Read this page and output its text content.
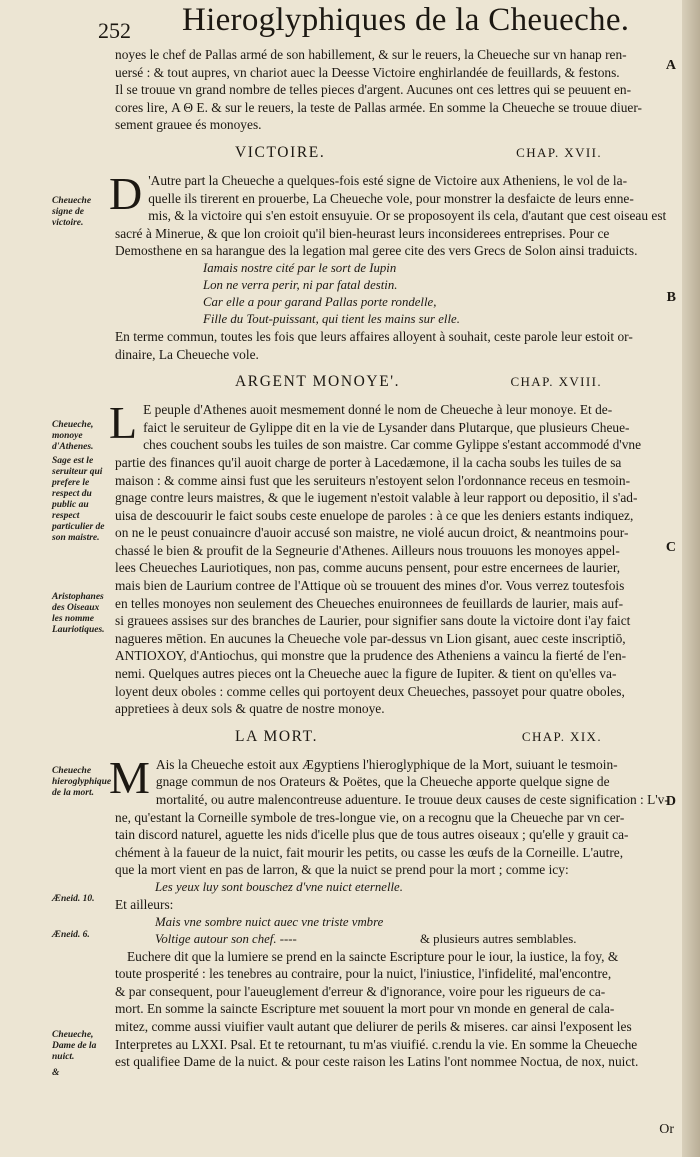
252 Hieroglyphiques de la Cheueche.
Cheueche signe de victoire.
Cheueche, monoye d'Athenes.
Sage est le seruiteur qui prefere le respect du public au respect particulier de son maistre.
Aristophanes des Oiseaux les nomme Lauriotiques.
Cheueche hieroglyphique de la mort.
Æneid. 10.
Æneid. 6.
Cheueche, Dame de la nuict.
&
A
B
C
D
Or

noyes le chef de Pallas armé de son habillement, & sur le reuers, la Cheueche sur vn hanap ren-

uersé : & tout aupres, vn chariot auec la Deesse Victoire enghirlandée de feuillards, & festons.

Il se trouue vn grand nombre de telles pieces d'argent. Aucunes ont ces lettres qui se peuuent en-

cores lire, Α Θ Ε. & sur le reuers, la teste de Pallas armée. En somme la Cheueche se trouue diuer-

sement grauee és monoyes.

VICTOIRE.	CHAP. XVII.
D 'Autre part la Cheueche a quelques-fois esté signe de Victoire aux Atheniens, le vol de la-

quelle ils tirerent en prouerbe, La Cheueche vole, pour monstrer la desfaicte de leurs enne-

mis, & la victoire qui s'en estoit ensuyuie. Or se proposoyent ils cela, d'autant que cest oiseau est

sacré à Minerue, & que lon croioit qu'il bien-heurast leurs inconsiderees entreprises. Pour ce

Demosthene en sa harangue des la legation mal geree cite des vers Grecs de Solon ainsi traduicts.

Iamais nostre cité par le sort de Iupin

Lon ne verra perir, ni par fatal destin.

Car elle a pour garand Pallas porte rondelle,

Fille du Tout-puissant, qui tient les mains sur elle.

En terme commun, toutes les fois que leurs affaires alloyent à souhait, ceste parole leur estoit or-

dinaire, La Cheueche vole.

ARGENT MONOYE'.	CHAP. XVIII.
L E peuple d'Athenes auoit mesmement donné le nom de Cheueche à leur monoye. Et de-

faict le seruiteur de Gylippe dit en la vie de Lysander dans Plutarque, que plusieurs Cheue-

ches couchent soubs les tuiles de son maistre. Car comme Gylippe s'estant accommodé d'vne

partie des finances qu'il auoit charge de porter à Lacedæmone, il la cacha soubs les tuiles de sa

maison : & comme ainsi fust que les seruiteurs n'estoyent selon l'ordonnance receus en tesmoin-

gnage contre leurs maistres, & que le iugement n'estoit valable à leur rapport ou depositio, il s'ad-

uisa de descouurir le faict soubs ceste enuelope de paroles : à ce que les deniers estants indiquez,

on ne le peust conuaincre d'auoir accusé son maistre, ne violé aucun droict, & neantmoins pour-

chassé le bien & proufit de la Segneurie d'Athenes. Ailleurs nous trouuons les monoyes appel-

lees Cheueches Lauriotiques, non pas, comme aucuns pensent, pour estre encernees de laurier,

mais bien de Laurium contree de l'Attique où se trouuent des mines d'or. Vous verrez toutesfois

en telles monoyes non seulement des Cheueches enuironnees de feuillards de laurier, mais auf-

si grauees assises sur des branches de Laurier, pour signifier sans doute la victoire dont i'ay faict

nagueres mētion. En aucunes la Cheueche vole par-dessus vn Lion gisant, auec ceste inscriptiō,

ΑΝΤΙΟΧΟΥ, d'Antiochus, qui monstre que la prudence des Atheniens a vaincu la fierté de l'en-

nemi. Quelques autres pieces ont la Cheueche auec la figure de Iupiter. & tient on qu'elles va-

loyent deux oboles : comme celles qui portoyent deux Cheueches, passoyet pour quatre oboles,

appretiees à deux sols & quatre de nostre monoye.

LA MORT.	CHAP. XIX.
M Ais la Cheueche estoit aux Ægyptiens l'hieroglyphique de la Mort, suiuant le tesmoin-

gnage commun de nos Orateurs & Poëtes, que la Cheueche apporte quelque signe de

mortalité, ou autre malencontreuse aduenture. Ie trouue deux causes de ceste signification : L'v-

ne, qu'estant la Corneille symbole de tres-longue vie, on a recognu que la Cheueche par vn cer-

tain discord naturel, aguette les nids d'icelle plus que de tous autres oiseaux ; qu'elle y grauit ca-

chément à la faueur de la nuict, fait mourir les petits, ou casse les œufs de la Corneille. L'autre,

que la mort vient en pas de larron, & que la nuict se prend pour la mort ; comme icy:

Les yeux luy sont bouschez d'vne nuict eternelle.

Et ailleurs:

Mais vne sombre nuict auec vne triste vmbre

Voltige autour son chef. ----	& plusieurs autres semblables.

Euchere dit que la lumiere se prend en la saincte Escripture pour le iour, la iustice, la foy, &

toute prosperité : les tenebres au contraire, pour la nuict, l'iniustice, l'infidelité, mal'encontre,

& par consequent, pour l'aueuglement d'erreur & d'ignorance, voire pour les rigueurs de ca-

mort. En somme la saincte Escripture met souuent la mort pour vn monde en general de cala-

mitez, comme aussi viuifier vault autant que deliurer de perils & miseres. car ainsi l'exposent les

Interpretes au LXXI. Psal. Et te retournant, tu m'as viuifié. c.rendu la vie. En somme la Cheueche

est qualifiee Dame de la nuict. & pour ceste raison les Latins l'ont nommee Noctua, de nox, nuict.
